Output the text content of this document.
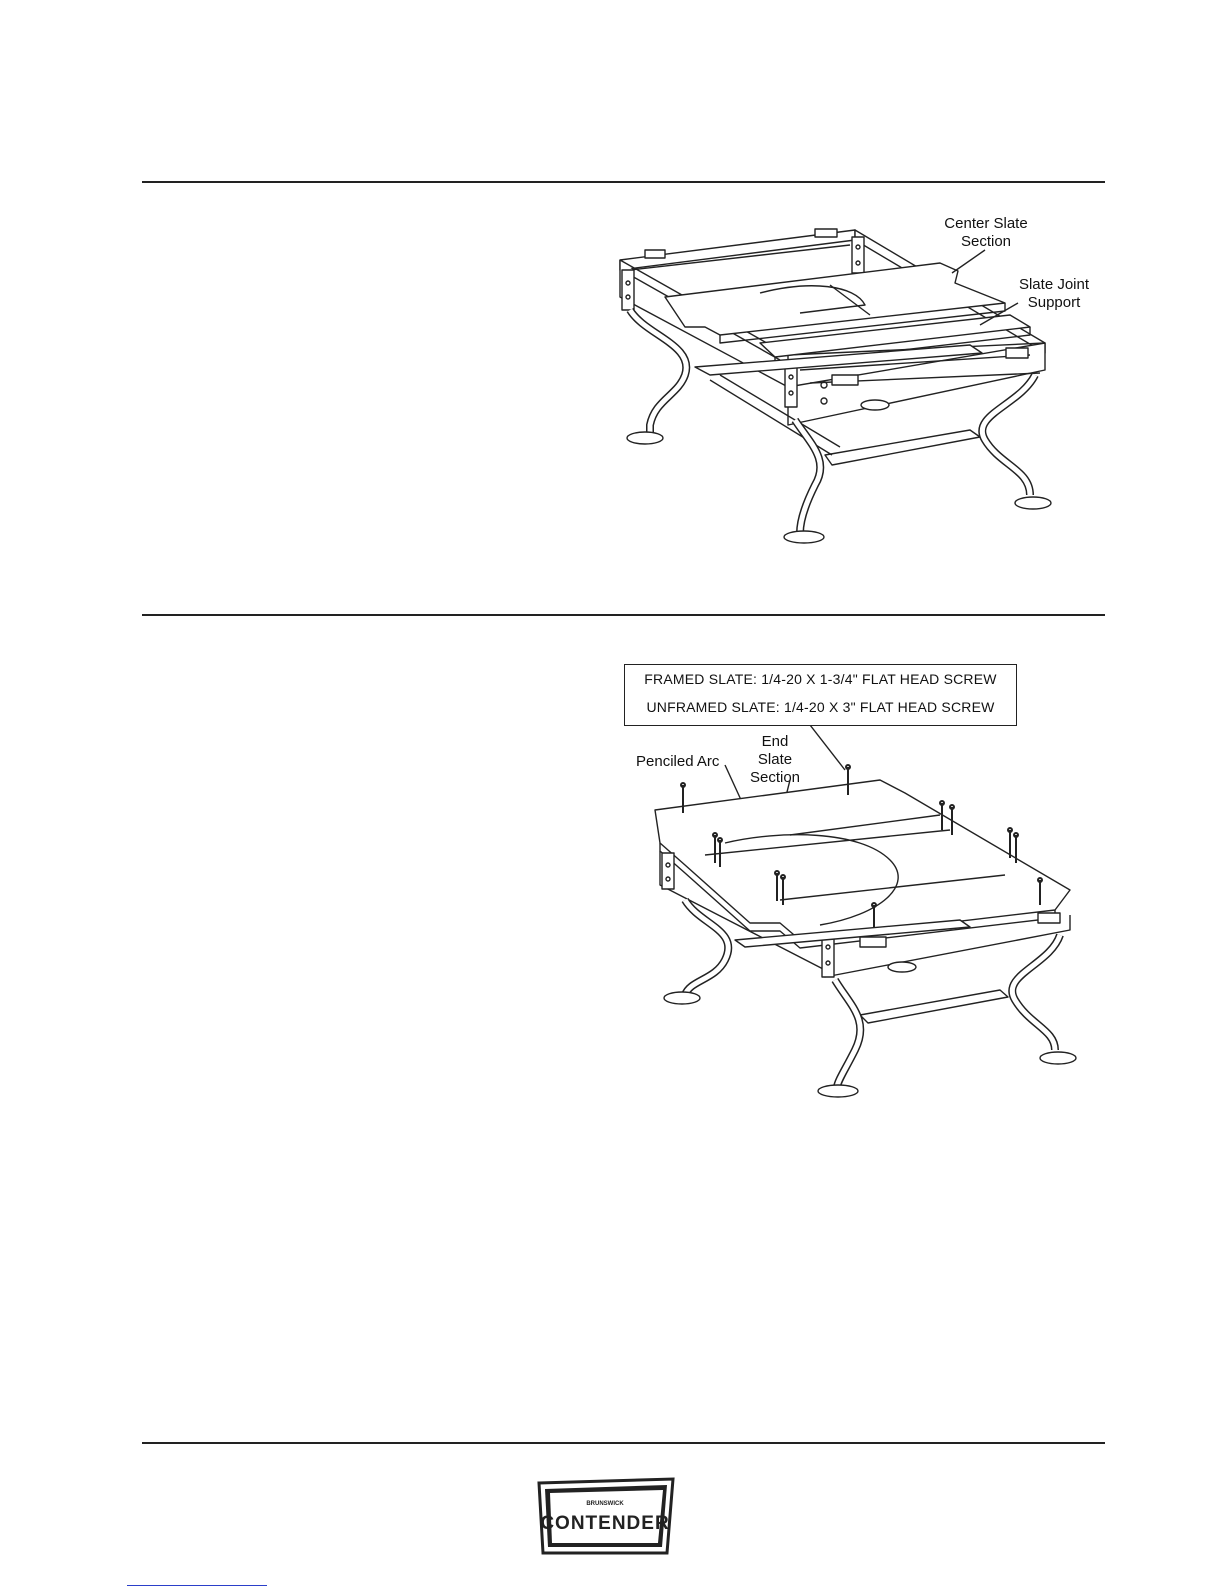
Center Slate
Section
Slate Joint
Support
FRAMED SLATE: 1/4-20 X 1-3/4" FLAT HEAD SCREW
UNFRAMED SLATE: 1/4-20 X 3" FLAT HEAD SCREW
End
Slate
Section
Penciled Arc
BRUNSWICK
CONTENDER
